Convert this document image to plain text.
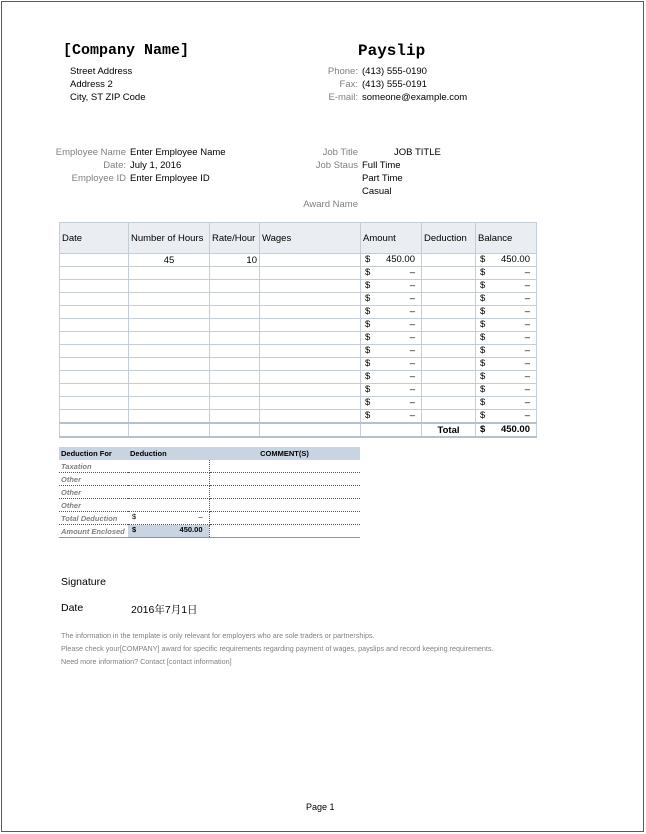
[Company Name]
Street Address
Address 2
City, ST ZIP Code
Payslip
Phone: (413) 555-0190
Fax: (413) 555-0191
E-mail: someone@example.com
Employee Name Enter Employee Name
Date: July 1, 2016
Employee ID Enter Employee ID
Job Title	JOB TITLE
Job Staus Full Time
Part Time
Casual
Award Name
Date	Number of Hours	Rate/Hour	Wages	Amount	Deduction	Balance
	45	10		$ 450.00		$ 450.00

				$ –		$ –

				$ –		$ –

				$ –		$ –

				$ –		$ –

				$ –		$ –

				$ –		$ –

				$ –		$ –

				$ –		$ –

				$ –		$ –

				$ –		$ –

				$ –		$ –

				$ –		$ –

					Total	$ 450.00
Deduction For	Deduction	COMMENT(S)
Taxation		
Other		
Other		
Other		
Total Deduction	$ –	

Amount Enclosed	$ 450.00	

Signature
Date	2016年7月1日
The information in the template is only relevant for employers who are sole traders or partnerships.
Please check your[COMPANY] award for specific requirements regarding payment of wages, payslips and record keeping requirements.
Need more information? Contact [contact information]
Page 1
